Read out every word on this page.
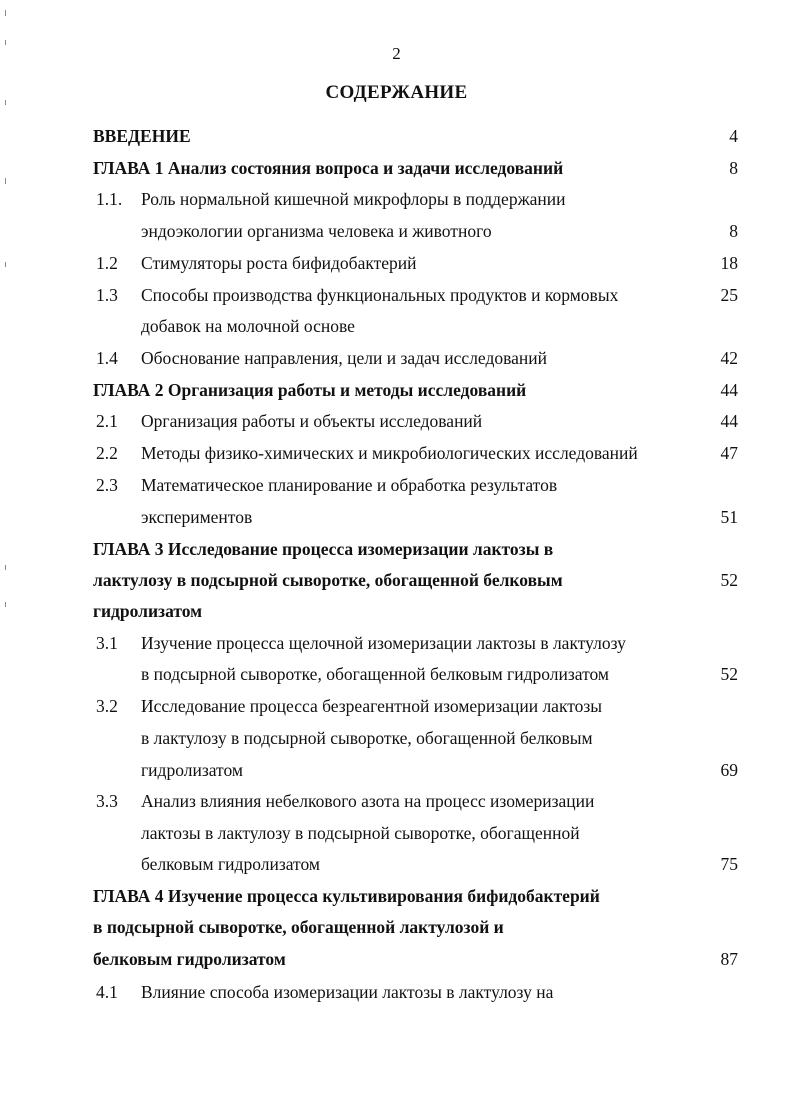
2
СОДЕРЖАНИЕ
ВВЕДЕНИЕ	4
ГЛАВА 1 Анализ состояния вопроса и задачи исследований	8
1.1.	Роль нормальной кишечной микрофлоры в поддержании
эндоэкологии организма человека и животного	8
1.2	Стимуляторы роста бифидобактерий	18
1.3	Способы производства функциональных продуктов и кормовых	25
добавок на молочной основе
1.4	Обоснование направления, цели и задач исследований	42
ГЛАВА 2 Организация работы и методы исследований	44
2.1	Организация работы и объекты исследований	44
2.2	Методы физико-химических и микробиологических исследований	47
2.3	Математическое планирование и обработка результатов
экспериментов	51
ГЛАВА 3 Исследование процесса изомеризации лактозы в
лактулозу в подсырной сыворотке, обогащенной белковым	52
гидролизатом
3.1	Изучение процесса щелочной изомеризации лактозы в лактулозу
в подсырной сыворотке, обогащенной белковым гидролизатом	52
3.2	Исследование процесса безреагентной изомеризации лактозы
в лактулозу в подсырной сыворотке, обогащенной белковым
гидролизатом	69
3.3	Анализ влияния небелкового азота на процесс изомеризации
лактозы в лактулозу в подсырной сыворотке, обогащенной
белковым гидролизатом	75
ГЛАВА 4 Изучение процесса культивирования бифидобактерий
в подсырной сыворотке, обогащенной лактулозой и
белковым гидролизатом	87
4.1	Влияние способа изомеризации лактозы в лактулозу на
